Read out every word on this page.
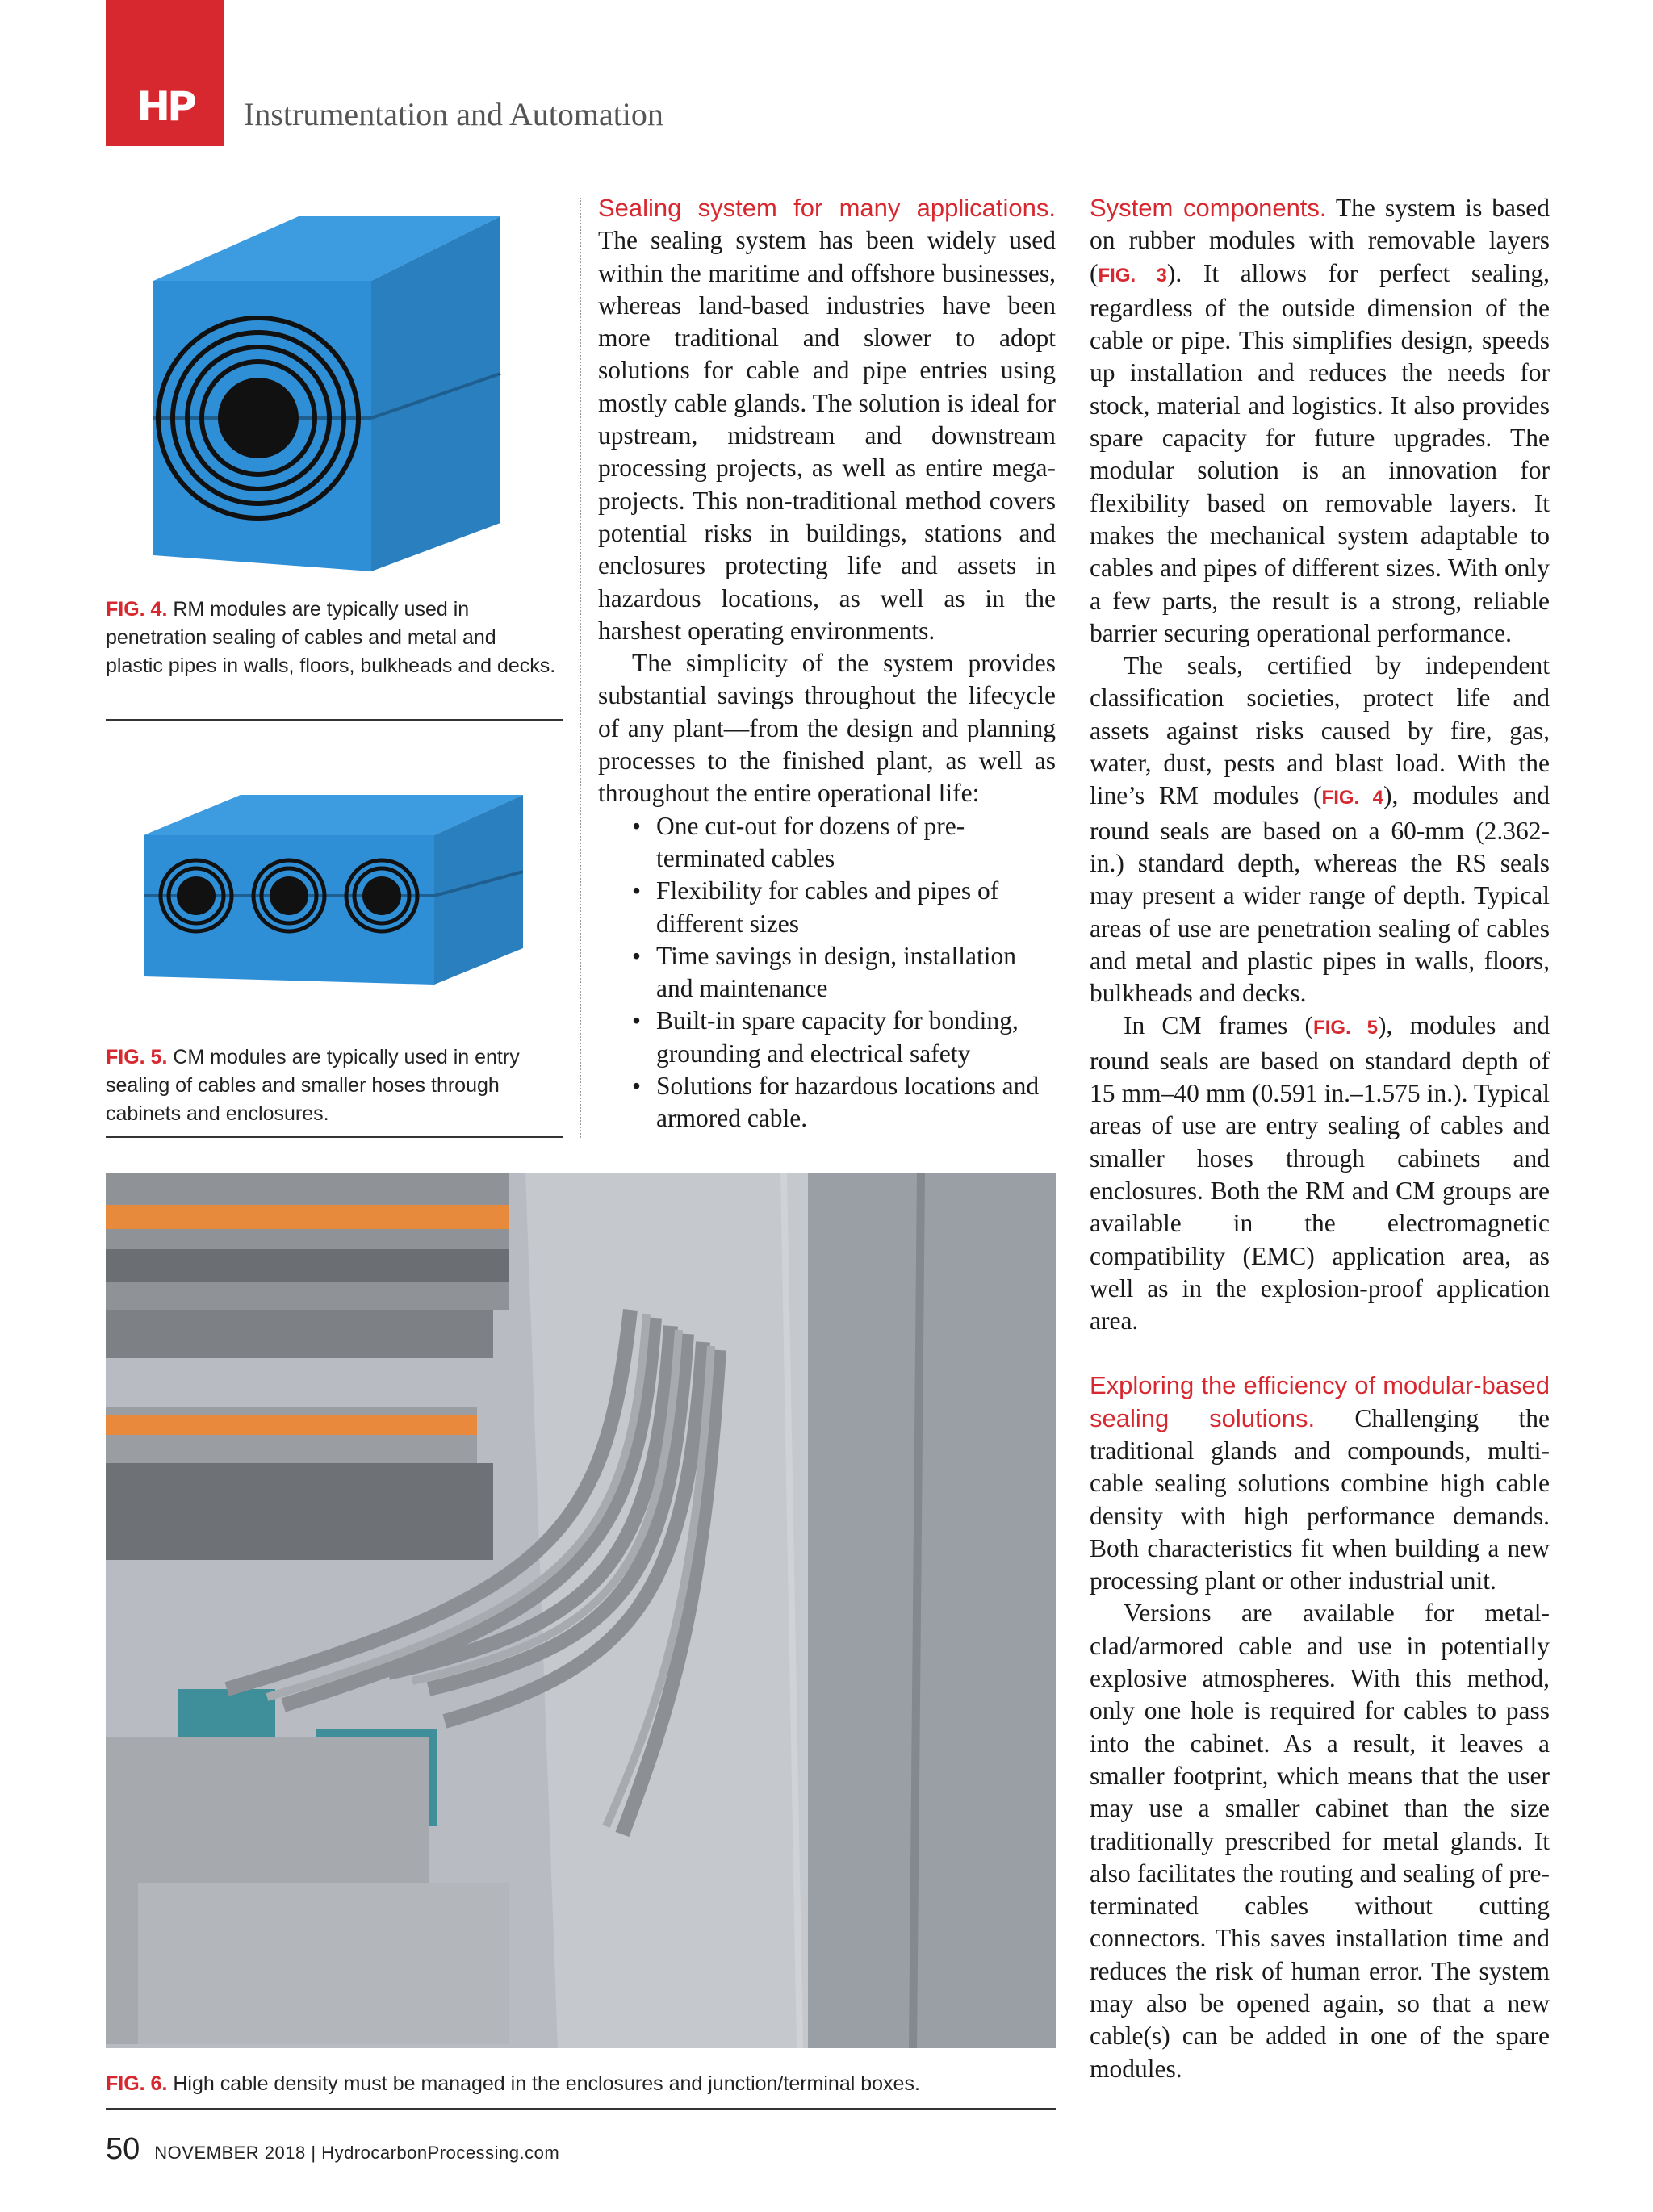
HP	Instrumentation and Automation
FIG. 4. RM modules are typically used in penetration sealing of cables and metal and plastic pipes in walls, floors, bulkheads and decks.
FIG. 5. CM modules are typically used in entry sealing of cables and smaller hoses through cabinets and enclosures.

Sealing system for many applications. The sealing system has been widely used within the maritime and offshore businesses, whereas land-based industries have been more traditional and slower to adopt solutions for cable and pipe entries using mostly cable glands. The solution is ideal for upstream, midstream and downstream processing projects, as well as entire mega-projects. This non-traditional method covers potential risks in buildings, stations and enclosures protecting life and assets in hazardous locations, as well as in the harshest operating environments.

The simplicity of the system provides substantial savings throughout the lifecycle of any plant—from the design and planning processes to the finished plant, as well as throughout the entire operational life:

• One cut-out for dozens of pre-terminated cables
• Flexibility for cables and pipes of different sizes
• Time savings in design, installation and maintenance
• Built-in spare capacity for bonding, grounding and electrical safety
• Solutions for hazardous locations and armored cable.

System components. The system is based on rubber modules with removable layers (FIG. 3). It allows for perfect sealing, regardless of the outside dimension of the cable or pipe. This simplifies design, speeds up installation and reduces the needs for stock, material and logistics. It also provides spare capacity for future upgrades. The modular solution is an innovation for flexibility based on removable layers. It makes the mechanical system adaptable to cables and pipes of different sizes. With only a few parts, the result is a strong, reliable barrier securing operational performance.

The seals, certified by independent classification societies, protect life and assets against risks caused by fire, gas, water, dust, pests and blast load. With the line’s RM modules (FIG. 4), modules and round seals are based on a 60-mm (2.362-in.) standard depth, whereas the RS seals may present a wider range of depth. Typical areas of use are penetration sealing of cables and metal and plastic pipes in walls, floors, bulkheads and decks.

In CM frames (FIG. 5), modules and round seals are based on standard depth of 15 mm–40 mm (0.591 in.–1.575 in.). Typical areas of use are entry sealing of cables and smaller hoses through cabinets and enclosures. Both the RM and CM groups are available in the electromagnetic compatibility (EMC) application area, as well as in the explosion-proof application area.

Exploring the efficiency of modular-based sealing solutions. Challenging the traditional glands and compounds, multi-cable sealing solutions combine high cable density with high performance demands. Both characteristics fit when building a new processing plant or other industrial unit.

Versions are available for metal-clad/armored cable and use in potentially explosive atmospheres. With this method, only one hole is required for cables to pass into the cabinet. As a result, it leaves a smaller footprint, which means that the user may use a smaller cabinet than the size traditionally prescribed for metal glands. It also facilitates the routing and sealing of pre-terminated cables without cutting connectors. This saves installation time and reduces the risk of human error. The system may also be opened again, so that a new cable(s) can be added in one of the spare modules.

FIG. 6. High cable density must be managed in the enclosures and junction/terminal boxes.
50 NOVEMBER 2018 | HydrocarbonProcessing.com
